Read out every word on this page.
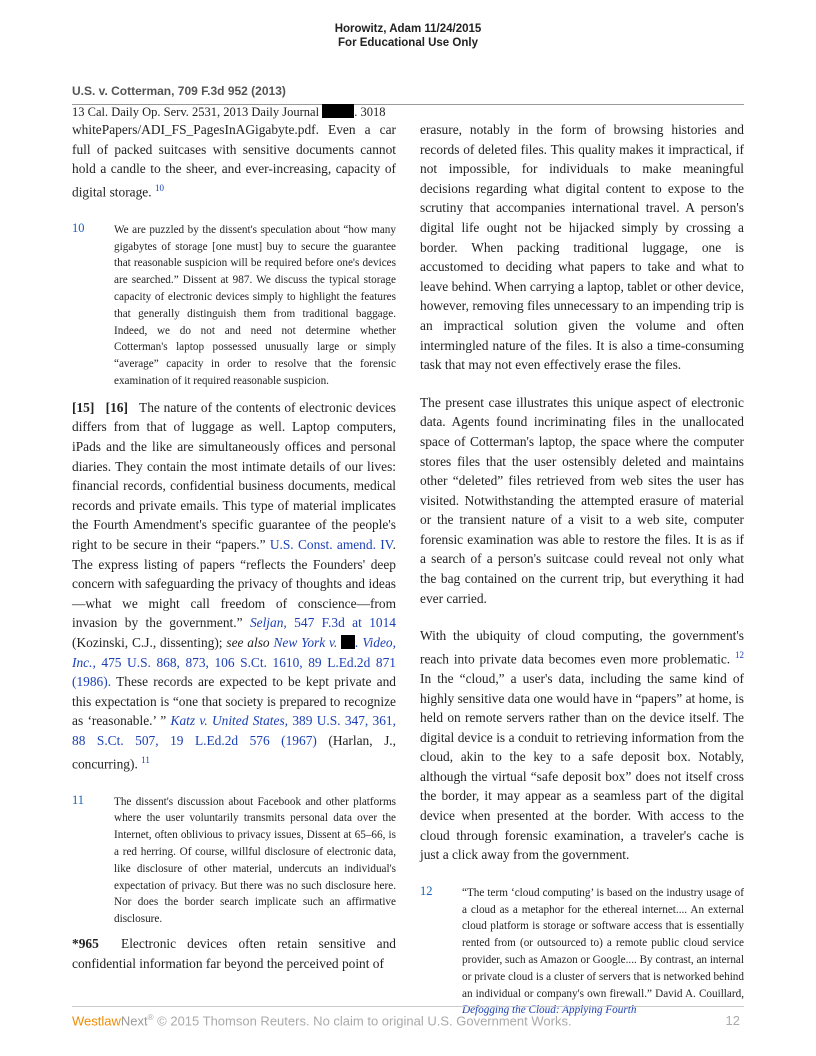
Horowitz, Adam 11/24/2015
For Educational Use Only
U.S. v. Cotterman, 709 F.3d 952 (2013)
13 Cal. Daily Op. Serv. 2531, 2013 Daily Journal	. 3018

whitePapers/ADI_FS_PagesInAGigabyte.pdf. Even a car full of packed suitcases with sensitive documents cannot hold a candle to the sheer, and ever-increasing, capacity of digital storage. $^{10}$

10	We are puzzled by the dissent's speculation about “how many gigabytes of storage [one must] buy to secure the guarantee that reasonable suspicion will be required before one's devices are searched.” Dissent at 987. We discuss the typical storage capacity of electronic devices simply to highlight the features that generally distinguish them from traditional baggage. Indeed, we do not and need not determine whether Cotterman's laptop possessed unusually large or simply “average” capacity in order to resolve that the forensic examination of it required reasonable suspicion.

[15] [16] The nature of the contents of electronic devices differs from that of luggage as well. Laptop computers, iPads and the like are simultaneously offices and personal diaries. They contain the most intimate details of our lives: financial records, confidential business documents, medical records and private emails. This type of material implicates the Fourth Amendment's specific guarantee of the people's right to be secure in their “papers.” U.S. Const. amend. IV. The express listing of papers “reflects the Founders' deep concern with safeguarding the privacy of thoughts and ideas—what we might call freedom of conscience—from invasion by the government.” Seljan, 547 F.3d at 1014 (Kozinski, C.J., dissenting); see also New York v. . Video, Inc., 475 U.S. 868, 873, 106 S.Ct. 1610, 89 L.Ed.2d 871 (1986). These records are expected to be kept private and this expectation is “one that society is prepared to recognize as ‘reasonable.’ ” Katz v. United States, 389 U.S. 347, 361, 88 S.Ct. 507, 19 L.Ed.2d 576 (1967) (Harlan, J., concurring). $^{11}$

11	The dissent's discussion about Facebook and other platforms where the user voluntarily transmits personal data over the Internet, often oblivious to privacy issues, Dissent at 65–66, is a red herring. Of course, willful disclosure of electronic data, like disclosure of other material, undercuts an individual's expectation of privacy. But there was no such disclosure here. Nor does the border search implicate such an affirmative disclosure.

*965 Electronic devices often retain sensitive and confidential information far beyond the perceived point of

erasure, notably in the form of browsing histories and records of deleted files. This quality makes it impractical, if not impossible, for individuals to make meaningful decisions regarding what digital content to expose to the scrutiny that accompanies international travel. A person's digital life ought not be hijacked simply by crossing a border. When packing traditional luggage, one is accustomed to deciding what papers to take and what to leave behind. When carrying a laptop, tablet or other device, however, removing files unnecessary to an impending trip is an impractical solution given the volume and often intermingled nature of the files. It is also a time-consuming task that may not even effectively erase the files.

The present case illustrates this unique aspect of electronic data. Agents found incriminating files in the unallocated space of Cotterman's laptop, the space where the computer stores files that the user ostensibly deleted and maintains other “deleted” files retrieved from web sites the user has visited. Notwithstanding the attempted erasure of material or the transient nature of a visit to a web site, computer forensic examination was able to restore the files. It is as if a search of a person's suitcase could reveal not only what the bag contained on the current trip, but everything it had ever carried.

With the ubiquity of cloud computing, the government's reach into private data becomes even more problematic. $^{12}$ In the “cloud,” a user's data, including the same kind of highly sensitive data one would have in “papers” at home, is held on remote servers rather than on the device itself. The digital device is a conduit to retrieving information from the cloud, akin to the key to a safe deposit box. Notably, although the virtual “safe deposit box” does not itself cross the border, it may appear as a seamless part of the digital device when presented at the border. With access to the cloud through forensic examination, a traveler's cache is just a click away from the government.

12	“The term ‘cloud computing’ is based on the industry usage of a cloud as a metaphor for the ethereal internet.... An external cloud platform is storage or software access that is essentially rented from (or outsourced to) a remote public cloud service provider, such as Amazon or Google.... By contrast, an internal or private cloud is a cluster of servers that is networked behind an individual or company's own firewall.” David A. Couillard, Defogging the Cloud: Applying Fourth
WestlawNext® © 2015 Thomson Reuters. No claim to original U.S. Government Works.	12
